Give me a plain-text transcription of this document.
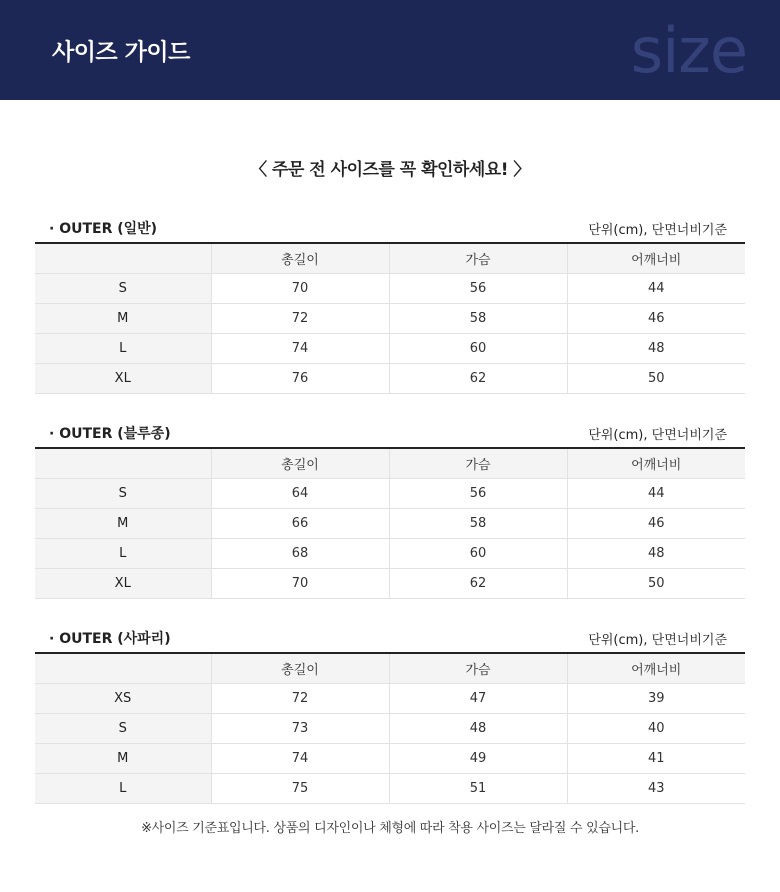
사이즈 가이드	size
〈 주문 전 사이즈를 꼭 확인하세요! 〉
· OUTER (일반)	단위(cm), 단면너비기준
	총길이	가슴	어깨너비
S	70	56	44
M	72	58	46
L	74	60	48
XL	76	62	50
· OUTER (블루종)	단위(cm), 단면너비기준
	총길이	가슴	어깨너비
S	64	56	44
M	66	58	46
L	68	60	48
XL	70	62	50
· OUTER (사파리)	단위(cm), 단면너비기준
	총길이	가슴	어깨너비
XS	72	47	39
S	73	48	40
M	74	49	41
L	75	51	43
※사이즈 기준표입니다. 상품의 디자인이나 체형에 따라 착용 사이즈는 달라질 수 있습니다.
